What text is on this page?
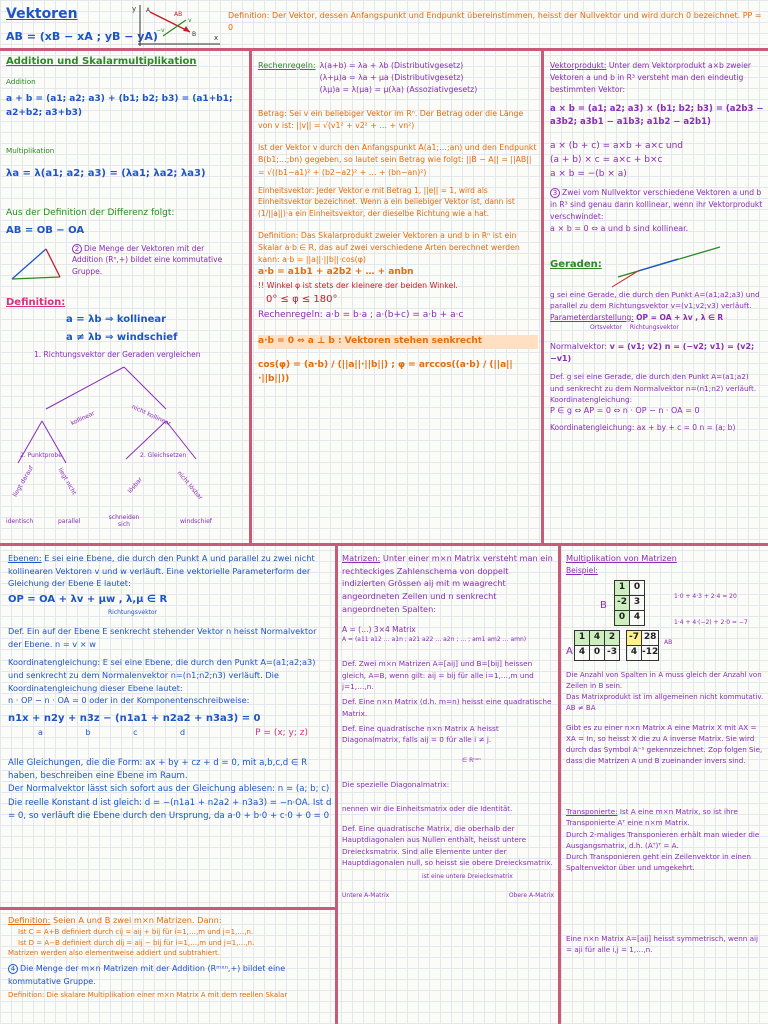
Vektoren
AB = (xB − xA ; yB − yA)
y
x
A
B
AB
−v
v
Definition: Der Vektor, dessen Anfangspunkt und Endpunkt übereinstimmen, heisst der Nullvektor und wird durch 0 bezeichnet. PP = 0
Addition und Skalarmultiplikation
Addition
a + b = (a1; a2; a3) + (b1; b2; b3) = (a1+b1; a2+b2; a3+b3)
Multiplikation
λa = λ(a1; a2; a3) = (λa1; λa2; λa3)
Aus der Definition der Differenz folgt:
AB = OB − OA
2 Die Menge der Vektoren mit der Addition (Rⁿ,+) bildet eine kommutative Gruppe.
Definition:
a = λb ⇒ kollinear
a ≠ λb ⇒ windschief
1. Richtungsvektor der Geraden vergleichen
kollinear	nicht kollinear
2. Punktprobe	2. Gleichsetzen
liegt darauf	liegt nicht	lösbar	nicht lösbar
identisch	parallel
schneiden sich	windschief
Rechenregeln: λ(a+b) = λa + λb (Distributivgesetz)
(λ+μ)a = λa + μa (Distributivgesetz)
(λμ)a = λ(μa) = μ(λa) (Assoziativgesetz)
Betrag: Sei v ein beliebiger Vektor im Rⁿ. Der Betrag oder die Länge von v ist: ||v|| = √(v1² + v2² + … + vn²)
Ist der Vektor v durch den Anfangspunkt A(a1;…;an) und den Endpunkt B(b1;…;bn) gegeben, so lautet sein Betrag wie folgt: ||B − A|| = ||AB|| = √((b1−a1)² + (b2−a2)² + … + (bn−an)²)
Einheitsvektor: Jeder Vektor e mit Betrag 1, ||e|| = 1, wird als Einheitsvektor bezeichnet. Wenn a ein beliebiger Vektor ist, dann ist (1/||a||)·a ein Einheitsvektor, der dieselbe Richtung wie a hat.
Definition: Das Skalarprodukt zweier Vektoren a und b in Rⁿ ist ein Skalar a·b ∈ R, das auf zwei verschiedene Arten berechnet werden kann: a·b = ||a||·||b||·cos(φ)
a·b = a1b1 + a2b2 + … + anbn
!! Winkel φ ist stets der kleinere der beiden Winkel.
0° ≤ φ ≤ 180°
Rechenregeln: a·b = b·a ; a·(b+c) = a·b + a·c
a·b = 0 ⇔ a ⊥ b : Vektoren stehen senkrecht
cos(φ) = (a·b) / (||a||·||b||) ; φ = arccos((a·b) / (||a||·||b||))
Vektorprodukt: Unter dem Vektorprodukt a×b zweier Vektoren a und b in R³ versteht man den eindeutig bestimmten Vektor:
a × b = (a1; a2; a3) × (b1; b2; b3) = (a2b3 − a3b2; a3b1 − a1b3; a1b2 − a2b1)
a × (b + c) = a×b + a×c und
(a + b) × c = a×c + b×c
a × b = −(b × a)
3 Zwei vom Nullvektor verschiedene Vektoren a und b in R³ sind genau dann kollinear, wenn ihr Vektorprodukt verschwindet:
a × b = 0 ⇔ a und b sind kollinear.
Geraden:
g sei eine Gerade, die durch den Punkt A=(a1;a2;a3) und parallel zu dem Richtungsvektor v=(v1;v2;v3) verläuft.
Parameterdarstellung: OP = OA + λv , λ ∈ R
Ortsvektor Richtungsvektor
Normalvektor: v = (v1; v2) n = (−v2; v1) = (v2; −v1)
Def. g sei eine Gerade, die durch den Punkt A=(a1;a2) und senkrecht zu dem Normalvektor n=(n1;n2) verläuft. Koordinatengleichung:
P ∈ g ⇔ AP = 0 ⇔ n · OP − n · OA = 0
Koordinatengleichung: ax + by + c = 0 n = (a; b)
Ebenen: E sei eine Ebene, die durch den Punkt A und parallel zu zwei nicht kollinearen Vektoren v und w verläuft. Eine vektorielle Parameterform der Gleichung der Ebene E lautet:
OP = OA + λv + μw , λ,μ ∈ R
Richtungsvektor
Def. Ein auf der Ebene E senkrecht stehender Vektor n heisst Normalvektor der Ebene. n = v × w
Koordinatengleichung: E sei eine Ebene, die durch den Punkt A=(a1;a2;a3) und senkrecht zu dem Normalenvektor n=(n1;n2;n3) verläuft. Die Koordinatengleichung dieser Ebene lautet:
n · OP − n · OA = 0 oder in der Komponentenschreibweise:
n1x + n2y + n3z − (n1a1 + n2a2 + n3a3) = 0
a b c d	P = (x; y; z)
Alle Gleichungen, die die Form: ax + by + cz + d = 0, mit a,b,c,d ∈ R haben, beschreiben eine Ebene im Raum.
Der Normalvektor lässt sich sofort aus der Gleichung ablesen: n = (a; b; c)
Die reelle Konstant d ist gleich: d = −(n1a1 + n2a2 + n3a3) = −n·OA. Ist d = 0, so verläuft die Ebene durch den Ursprung, da a·0 + b·0 + c·0 + 0 = 0
Matrizen: Unter einer m×n Matrix versteht man ein rechteckiges Zahlenschema von doppelt indizierten Grössen aij mit m waagrecht angeordneten Zeilen und n senkrecht angeordneten Spalten:
A = (…) 3×4 Matrix
A = (a11 a12 … a1n ; a21 a22 … a2n ; … ; am1 am2 … amn)
Def. Zwei m×n Matrizen A=[aij] und B=[bij] heissen gleich, A=B, wenn gilt: aij = bij für alle i=1,…,m und j=1,…,n.
Def. Eine n×n Matrix (d.h. m=n) heisst eine quadratische Matrix.
Def. Eine quadratische n×n Matrix A heisst Diagonalmatrix, falls aij = 0 für alle i ≠ j.
∈ Rⁿˣⁿ
Die spezielle Diagonalmatrix:
nennen wir die Einheitsmatrix oder die Identität.
Def. Eine quadratische Matrix, die oberhalb der Hauptdiagonalen aus Nullen enthält, heisst untere Dreiecksmatrix. Sind alle Elemente unter der Hauptdiagonalen null, so heisst sie obere Dreiecksmatrix.
ist eine untere Dreiecksmatrix
Untere A-Matrix	Obere A-Matrix
Multiplikation von Matrizen
Beispiel:
B
1	0
-2	3
0	4
A
1	4	2
4	0	-3
-7	28
4	-12
AB
1·4 + 4·(−2) + 2·0 = −7
1·0 + 4·3 + 2·4 = 20
Die Anzahl von Spalten in A muss gleich der Anzahl von Zeilen in B sein.
Das Matrixprodukt ist im allgemeinen nicht kommutativ. AB ≠ BA
Gibt es zu einer n×n Matrix A eine Matrix X mit AX = XA = In, so heisst X die zu A inverse Matrix. Sie wird durch das Symbol A⁻¹ gekennzeichnet. Zop folgen Sie, dass die Matrizen A und B zueinander invers sind.
Transponierte: Ist A eine m×n Matrix, so ist ihre Transponierte Aᵀ eine n×m Matrix.
Durch 2-maliges Transponieren erhält man wieder die Ausgangsmatrix, d.h. (Aᵀ)ᵀ = A.
Durch Transponieren geht ein Zeilenvektor in einen Spaltenvektor über und umgekehrt.
Eine n×n Matrix A=[aij] heisst symmetrisch, wenn aij = aji für alle i,j = 1,…,n.
Definition: Seien A und B zwei m×n Matrizen. Dann:
Ist C = A+B definiert durch cij = aij + bij für i=1,…,m und j=1,…,n.
Ist D = A−B definiert durch dij = aij − bij für i=1,…,m und j=1,…,n.
Matrizen werden also elementweise addiert und subtrahiert.
4 Die Menge der m×n Matrizen mit der Addition (Rᵐˣⁿ,+) bildet eine kommutative Gruppe.
Definition: Die skalare Multiplikation einer m×n Matrix A mit dem reellen Skalar
